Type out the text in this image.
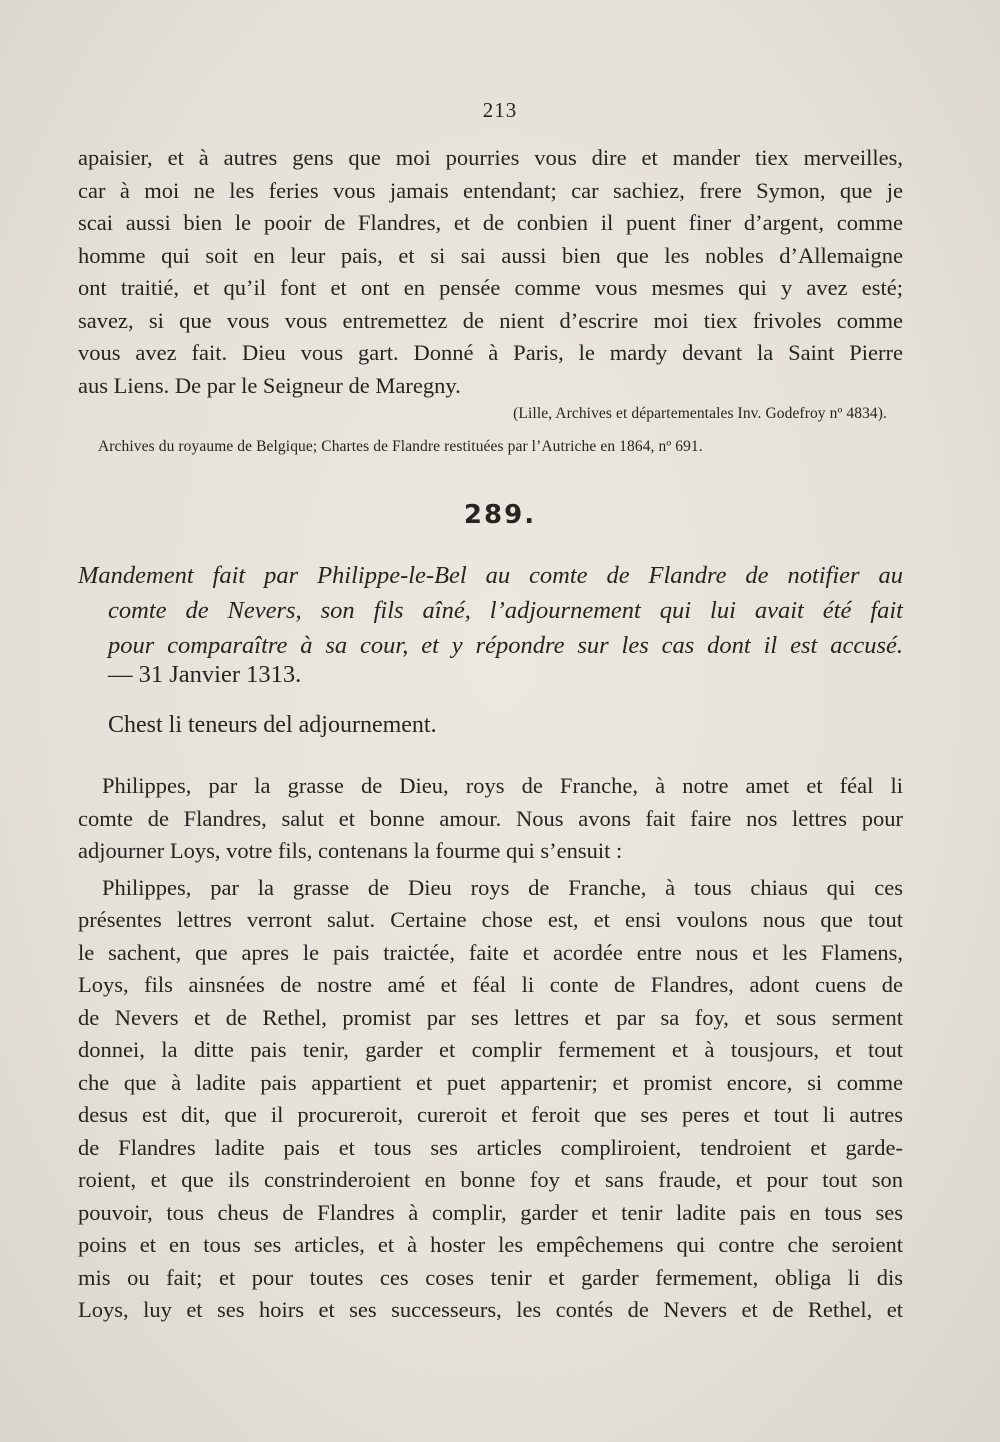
213
apaisier, et à autres gens que moi pourries vous dire et mander tiex merveilles,
car à moi ne les feries vous jamais entendant; car sachiez, frere Symon, que je
scai aussi bien le pooir de Flandres, et de conbien il puent finer d’argent, comme
homme qui soit en leur pais, et si sai aussi bien que les nobles d’Allemaigne
ont traitié, et qu’il font et ont en pensée comme vous mesmes qui y avez esté;
savez, si que vous vous entremettez de nient d’escrire moi tiex frivoles comme
vous avez fait. Dieu vous gart. Donné à Paris, le mardy devant la Saint Pierre
aus Liens. De par le Seigneur de Maregny.
(Lille, Archives et départementales Inv. Godefroy nº 4834).
Archives du royaume de Belgique; Chartes de Flandre restituées par l’Autriche en 1864, nº 691.
289.
Mandement fait par Philippe-le-Bel au comte de Flandre de notifier au
comte de Nevers, son fils aîné, l’adjournement qui lui avait été fait
pour comparaître à sa cour, et y répondre sur les cas dont il est accusé.
— 31 Janvier 1313.
Chest li teneurs del adjournement.
Philippes, par la grasse de Dieu, roys de Franche, à notre amet et féal li
comte de Flandres, salut et bonne amour. Nous avons fait faire nos lettres pour
adjourner Loys, votre fils, contenans la fourme qui s’ensuit :
Philippes, par la grasse de Dieu roys de Franche, à tous chiaus qui ces
présentes lettres verront salut. Certaine chose est, et ensi voulons nous que tout
le sachent, que apres le pais traictée, faite et acordée entre nous et les Flamens,
Loys, fils ainsnées de nostre amé et féal li conte de Flandres, adont cuens de
de Nevers et de Rethel, promist par ses lettres et par sa foy, et sous serment
donnei, la ditte pais tenir, garder et complir fermement et à tousjours, et tout
che que à ladite pais appartient et puet appartenir; et promist encore, si comme
desus est dit, que il procureroit, cureroit et feroit que ses peres et tout li autres
de Flandres ladite pais et tous ses articles compliroient, tendroient et garde-
roient, et que ils constrinderoient en bonne foy et sans fraude, et pour tout son
pouvoir, tous cheus de Flandres à complir, garder et tenir ladite pais en tous ses
poins et en tous ses articles, et à hoster les empêchemens qui contre che seroient
mis ou fait; et pour toutes ces coses tenir et garder fermement, obliga li dis
Loys, luy et ses hoirs et ses successeurs, les contés de Nevers et de Rethel, et
